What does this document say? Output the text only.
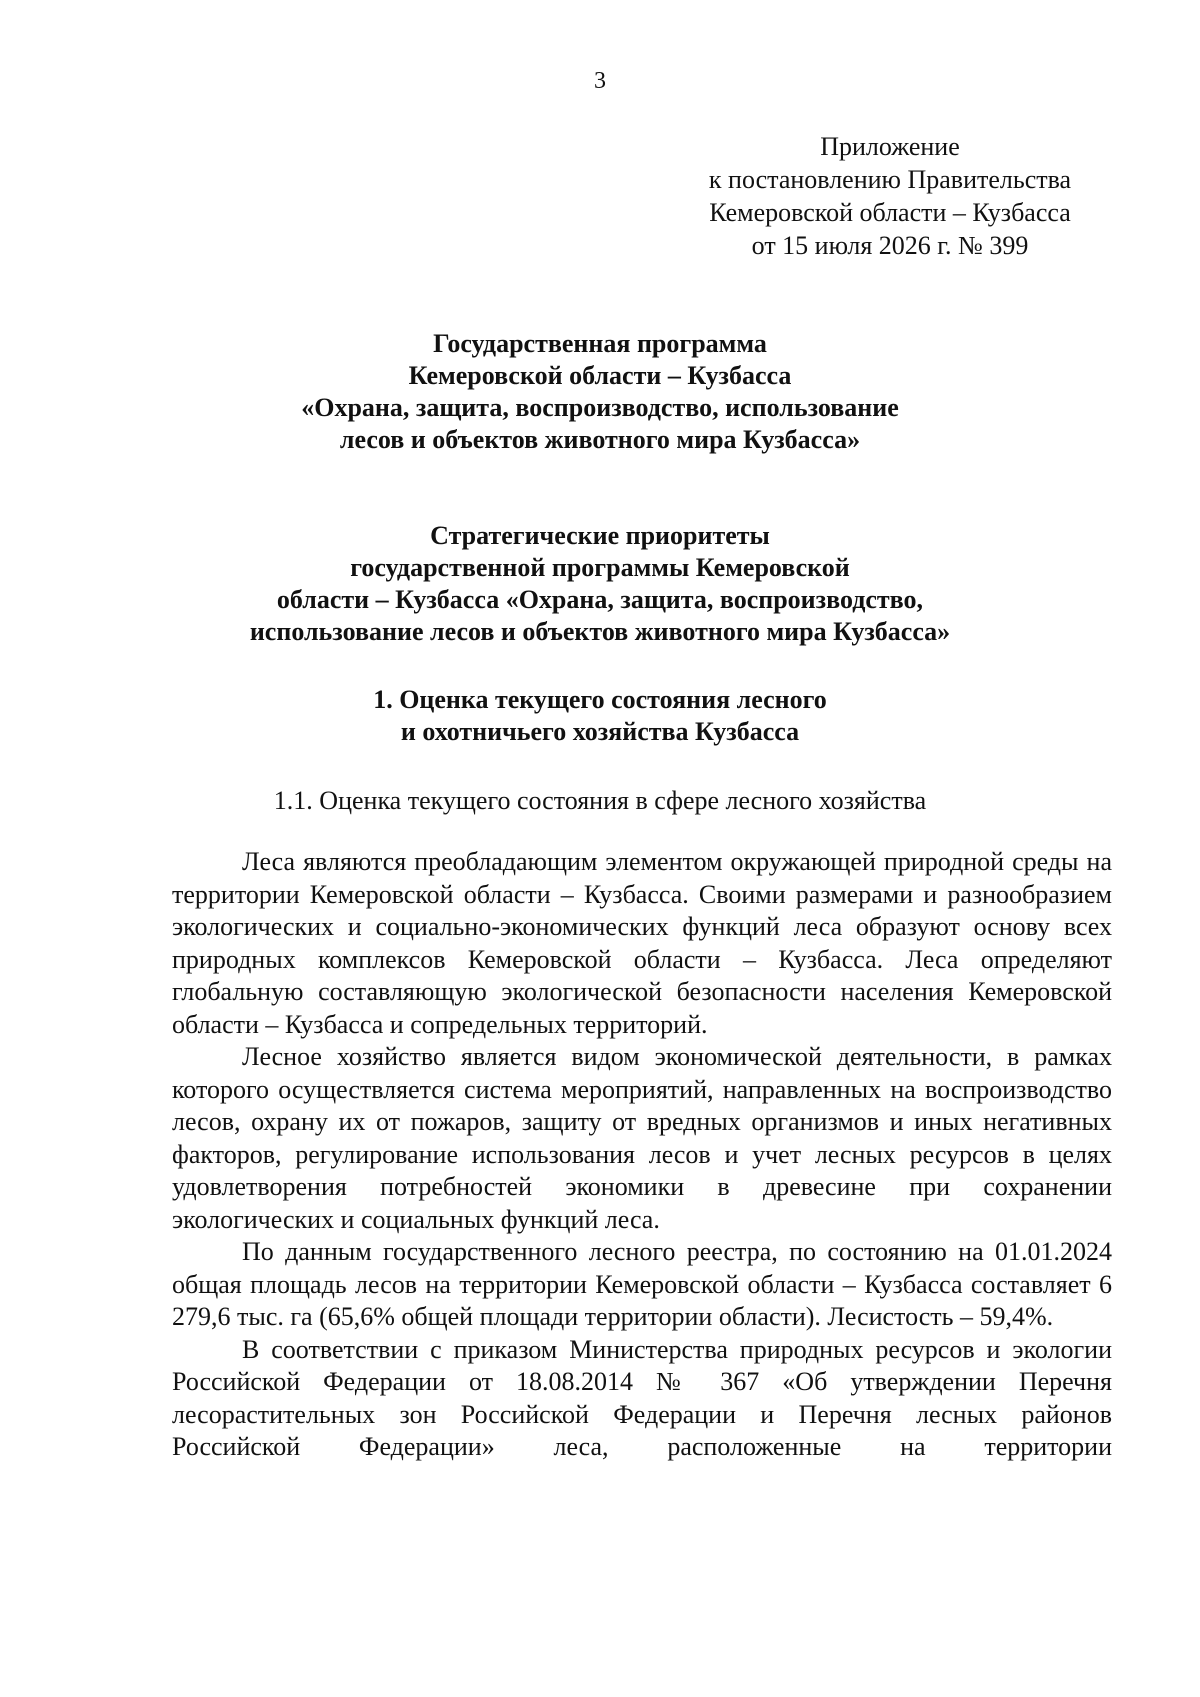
3
Приложение
к постановлению Правительства
Кемеровской области – Кузбасса
от 15 июля 2026 г. № 399
Государственная программа
Кемеровской области – Кузбасса
«Охрана, защита, воспроизводство, использование
лесов и объектов животного мира Кузбасса»
Стратегические приоритеты
государственной программы Кемеровской
области – Кузбасса «Охрана, защита, воспроизводство,
использование лесов и объектов животного мира Кузбасса»
1. Оценка текущего состояния лесного
и охотничьего хозяйства Кузбасса
1.1. Оценка текущего состояния в сфере лесного хозяйства

Леса являются преобладающим элементом окружающей природной среды на территории Кемеровской области – Кузбасса. Своими размерами и разнообразием экологических и социально-экономических функций леса образуют основу всех природных комплексов Кемеровской области – Кузбасса. Леса определяют глобальную составляющую экологической безопасности населения Кемеровской области – Кузбасса и сопредельных территорий.

Лесное хозяйство является видом экономической деятельности, в рамках которого осуществляется система мероприятий, направленных на воспроизводство лесов, охрану их от пожаров, защиту от вредных организмов и иных негативных факторов, регулирование использования лесов и учет лесных ресурсов в целях удовлетворения потребностей экономики в древесине при сохранении экологических и социальных функций леса.

По данным государственного лесного реестра, по состоянию на 01.01.2024 общая площадь лесов на территории Кемеровской области – Кузбасса составляет 6 279,6 тыс. га (65,6% общей площади территории области). Лесистость – 59,4%.

В соответствии с приказом Министерства природных ресурсов и экологии Российской Федерации от 18.08.2014 № 367 «Об утверждении Перечня лесорастительных зон Российской Федерации и Перечня лесных районов Российской Федерации» леса, расположенные на территории
